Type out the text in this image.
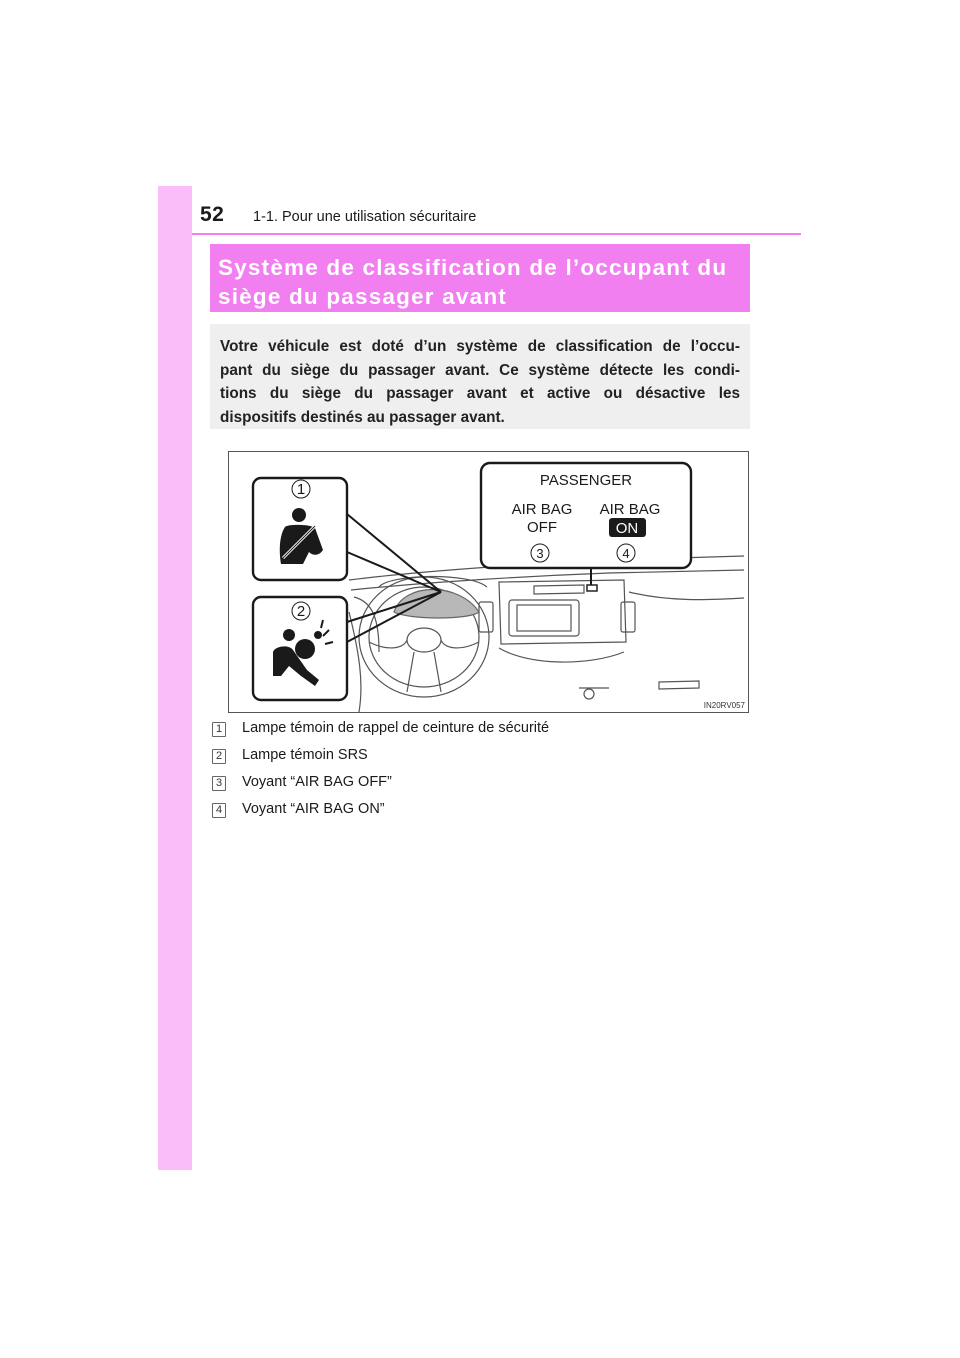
52 1-1. Pour une utilisation sécuritaire
Système de classification de l’occupant du
siège du passager avant
Votre véhicule est doté d’un système de classification de l’occu-
pant du siège du passager avant. Ce système détecte les condi-
tions du siège du passager avant et active ou désactive les
dispositifs destinés au passager avant.
1
2
PASSENGER
AIR BAG
OFF
AIR BAG
ON
3	4
IN20RV057
1 Lampe témoin de rappel de ceinture de sécurité
2 Lampe témoin SRS
3 Voyant “AIR BAG OFF”
4 Voyant “AIR BAG ON”
